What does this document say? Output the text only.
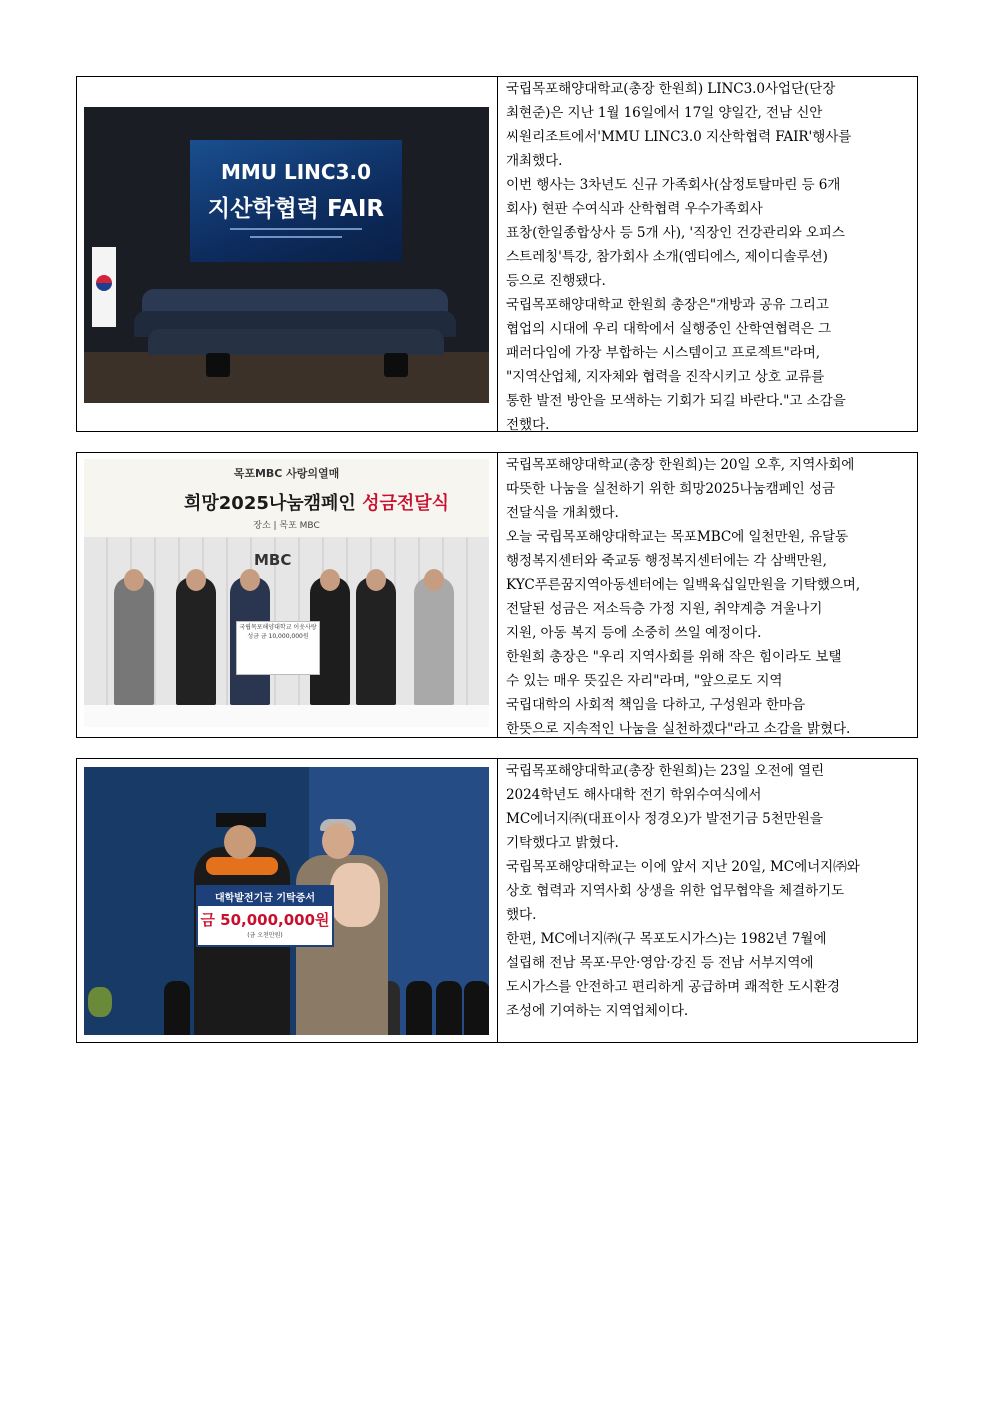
MMU LINC3.0
지산학협력 FAIR
국립목포해양대학교(총장 한원희) LINC3.0사업단(단장
최현준)은 지난 1월 16일에서 17일 양일간, 전남 신안
씨원리조트에서'MMU LINC3.0 지산학협력 FAIR'행사를
개최했다.
이번 행사는 3차년도 신규 가족회사(삼정토탈마린 등 6개
회사) 현판 수여식과 산학협력 우수가족회사
표창(한일종합상사 등 5개 사), '직장인 건강관리와 오피스
스트레칭'특강, 참가회사 소개(엠티에스, 제이디솔루션)
등으로 진행됐다.
국립목포해양대학교 한원희 총장은"개방과 공유 그리고
협업의 시대에 우리 대학에서 실행중인 산학연협력은 그
패러다임에 가장 부합하는 시스템이고 프로젝트"라며,
"지역산업체, 지자체와 협력을 진작시키고 상호 교류를
통한 발전 방안을 모색하는 기회가 되길 바란다."고 소감을
전했다.
목포MBC 사랑의열매
희망2025나눔캠페인 성금전달식
장소 | 목포 MBC
MBC
국립목포해양대학교 이웃사랑 성금 금 10,000,000원
국립목포해양대학교(총장 한원희)는 20일 오후, 지역사회에
따뜻한 나눔을 실천하기 위한 희망2025나눔캠페인 성금
전달식을 개최했다.
오늘 국립목포해양대학교는 목포MBC에 일천만원, 유달동
행정복지센터와 죽교동 행정복지센터에는 각 삼백만원,
KYC푸른꿈지역아동센터에는 일백육십일만원을 기탁했으며,
전달된 성금은 저소득층 가정 지원, 취약계층 겨울나기
지원, 아동 복지 등에 소중히 쓰일 예정이다.
한원희 총장은 "우리 지역사회를 위해 작은 힘이라도 보탤
수 있는 매우 뜻깊은 자리"라며, "앞으로도 지역
국립대학의 사회적 책임을 다하고, 구성원과 한마음
한뜻으로 지속적인 나눔을 실천하겠다"라고 소감을 밝혔다.
대학발전기금 기탁증서
금 50,000,000원
(금 오천만원)
국립목포해양대학교(총장 한원희)는 23일 오전에 열린
2024학년도 해사대학 전기 학위수여식에서
MC에너지㈜(대표이사 정경오)가 발전기금 5천만원을
기탁했다고 밝혔다.
국립목포해양대학교는 이에 앞서 지난 20일, MC에너지㈜와
상호 협력과 지역사회 상생을 위한 업무협약을 체결하기도
했다.
한편, MC에너지㈜(구 목포도시가스)는 1982년 7월에
설립해 전남 목포·무안·영암·강진 등 전남 서부지역에
도시가스를 안전하고 편리하게 공급하며 쾌적한 도시환경
조성에 기여하는 지역업체이다.
